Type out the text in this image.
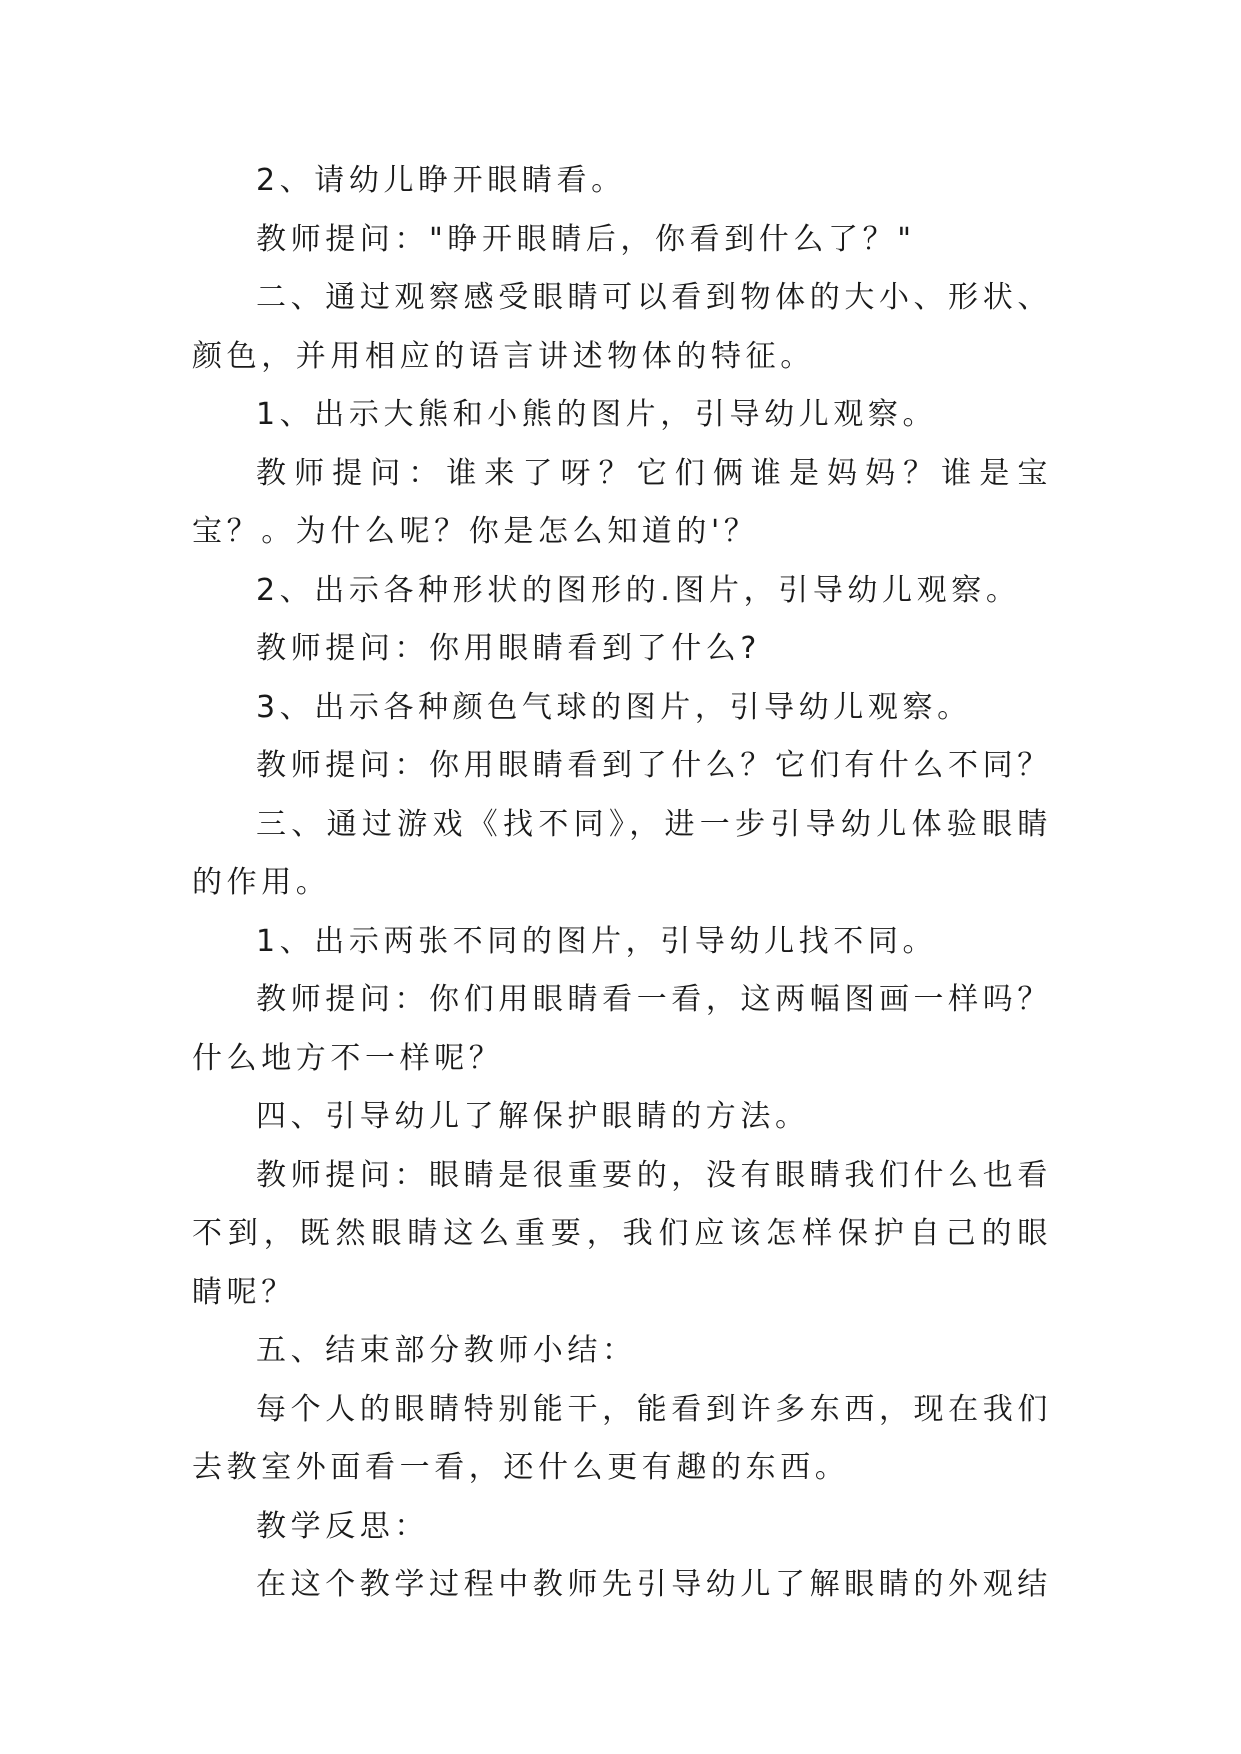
2、请幼儿睁开眼睛看。

教师提问："睁开眼睛后，你看到什么了？"

二、通过观察感受眼睛可以看到物体的大小、形状、颜色，并用相应的语言讲述物体的特征。

1、出示大熊和小熊的图片，引导幼儿观察。

教师提问：谁来了呀？它们俩谁是妈妈？谁是宝宝？。为什么呢？你是怎么知道的'？

2、出示各种形状的图形的.图片，引导幼儿观察。

教师提问：你用眼睛看到了什么?

3、出示各种颜色气球的图片，引导幼儿观察。

教师提问：你用眼睛看到了什么？它们有什么不同？

三、通过游戏《找不同》，进一步引导幼儿体验眼睛的作用。

1、出示两张不同的图片，引导幼儿找不同。

教师提问：你们用眼睛看一看，这两幅图画一样吗？什么地方不一样呢？

四、引导幼儿了解保护眼睛的方法。

教师提问：眼睛是很重要的，没有眼睛我们什么也看不到，既然眼睛这么重要，我们应该怎样保护自己的眼睛呢？

五、结束部分教师小结：

每个人的眼睛特别能干，能看到许多东西，现在我们去教室外面看一看，还什么更有趣的东西。

教学反思：

在这个教学过程中教师先引导幼儿了解眼睛的外观结
